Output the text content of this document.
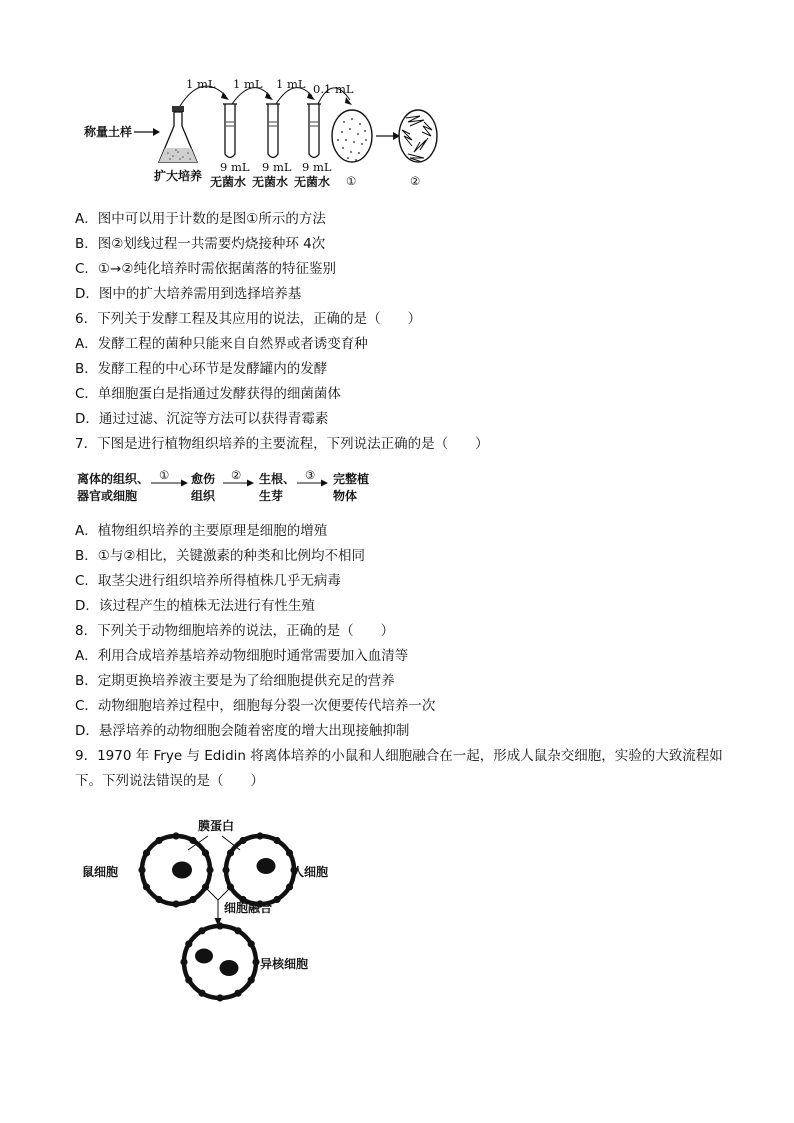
称量土样
扩大培养
1 mL 1 mL 1 mL 0.1 mL
9 mL 9 mL 9 mL
无菌水 无菌水 无菌水 ①	②
A．图中可以用于计数的是图①所示的方法
B．图②划线过程一共需要灼烧接种环 4次
C．①→②纯化培养时需依据菌落的特征鉴别
D．图中的扩大培养需用到选择培养基
6．下列关于发酵工程及其应用的说法，正确的是（　　）
A．发酵工程的菌种只能来自自然界或者诱变育种
B．发酵工程的中心环节是发酵罐内的发酵
C．单细胞蛋白是指通过发酵获得的细菌菌体
D．通过过滤、沉淀等方法可以获得青霉素
7．下图是进行植物组织培养的主要流程，下列说法正确的是（　　）
离体的组织、
器官或细胞
① 愈伤
组织
② 生根、
生芽
③ 完整植
物体
A．植物组织培养的主要原理是细胞的增殖
B．①与②相比，关键激素的种类和比例均不相同
C．取茎尖进行组织培养所得植株几乎无病毒
D．该过程产生的植株无法进行有性生殖
8．下列关于动物细胞培养的说法，正确的是（　　）
A．利用合成培养基培养动物细胞时通常需要加入血清等
B．定期更换培养液主要是为了给细胞提供充足的营养
C．动物细胞培养过程中，细胞每分裂一次便要传代培养一次
D．悬浮培养的动物细胞会随着密度的增大出现接触抑制
9．1970 年 Frye 与 Edidin 将离体培养的小鼠和人细胞融合在一起，形成人鼠杂交细胞，实验的大致流程如
下。下列说法错误的是（　　）
膜蛋白
鼠细胞	人细胞
细胞融合
异核细胞
